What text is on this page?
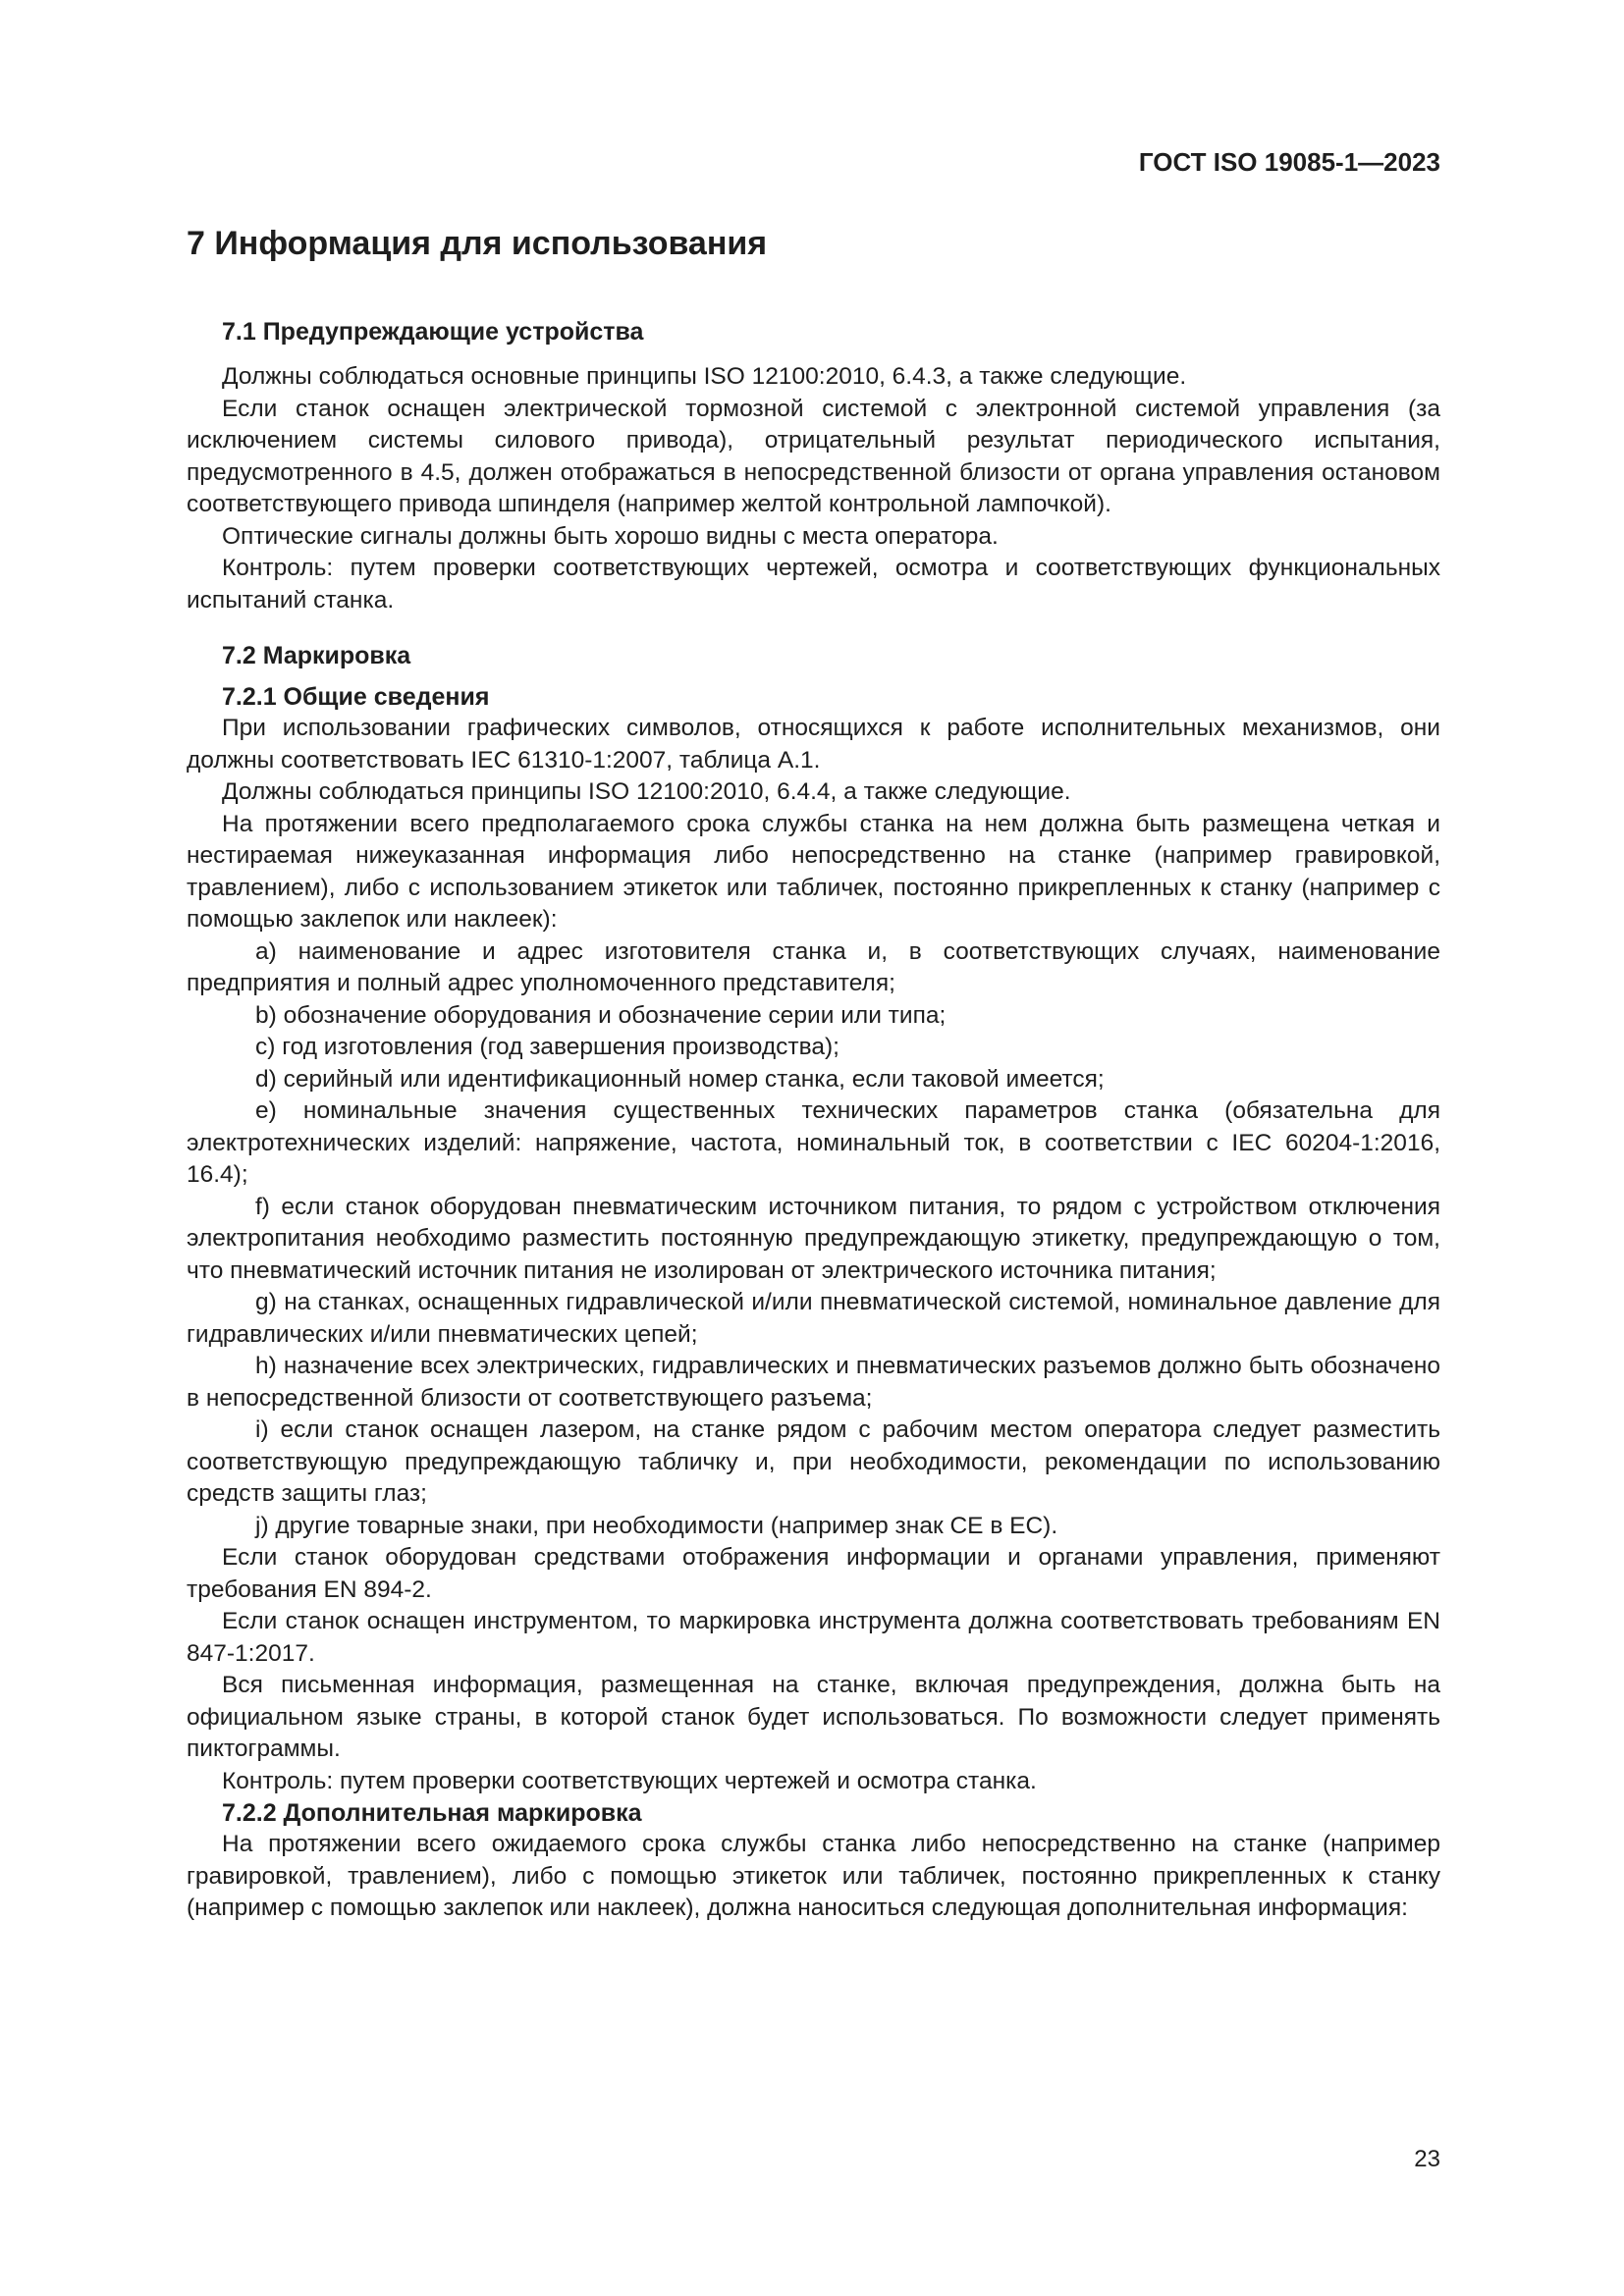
ГОСТ ISO 19085-1—2023
7 Информация для использования
7.1 Предупреждающие устройства

Должны соблюдаться основные принципы ISO 12100:2010, 6.4.3, а также следующие.

Если станок оснащен электрической тормозной системой с электронной системой управления (за исключением системы силового привода), отрицательный результат периодического испытания, предусмотренного в 4.5, должен отображаться в непосредственной близости от органа управления остановом соответствующего привода шпинделя (например желтой контрольной лампочкой).

Оптические сигналы должны быть хорошо видны с места оператора.

Контроль: путем проверки соответствующих чертежей, осмотра и соответствующих функциональных испытаний станка.

7.2 Маркировка
7.2.1 Общие сведения

При использовании графических символов, относящихся к работе исполнительных механизмов, они должны соответствовать IEC 61310-1:2007, таблица А.1.

Должны соблюдаться принципы ISO 12100:2010, 6.4.4, а также следующие.

На протяжении всего предполагаемого срока службы станка на нем должна быть размещена четкая и нестираемая нижеуказанная информация либо непосредственно на станке (например гравировкой, травлением), либо с использованием этикеток или табличек, постоянно прикрепленных к станку (например с помощью заклепок или наклеек):

a) наименование и адрес изготовителя станка и, в соответствующих случаях, наименование предприятия и полный адрес уполномоченного представителя;

b) обозначение оборудования и обозначение серии или типа;

c) год изготовления (год завершения производства);

d) серийный или идентификационный номер станка, если таковой имеется;

e) номинальные значения существенных технических параметров станка (обязательна для электротехнических изделий: напряжение, частота, номинальный ток, в соответствии с IEC 60204-1:2016, 16.4);

f) если станок оборудован пневматическим источником питания, то рядом с устройством отключения электропитания необходимо разместить постоянную предупреждающую этикетку, предупреждающую о том, что пневматический источник питания не изолирован от электрического источника питания;

g) на станках, оснащенных гидравлической и/или пневматической системой, номинальное давление для гидравлических и/или пневматических цепей;

h) назначение всех электрических, гидравлических и пневматических разъемов должно быть обозначено в непосредственной близости от соответствующего разъема;

i) если станок оснащен лазером, на станке рядом с рабочим местом оператора следует разместить соответствующую предупреждающую табличку и, при необходимости, рекомендации по использованию средств защиты глаз;

j) другие товарные знаки, при необходимости (например знак CE в ЕС).

Если станок оборудован средствами отображения информации и органами управления, применяют требования EN 894-2.

Если станок оснащен инструментом, то маркировка инструмента должна соответствовать требованиям EN 847-1:2017.

Вся письменная информация, размещенная на станке, включая предупреждения, должна быть на официальном языке страны, в которой станок будет использоваться. По возможности следует применять пиктограммы.

Контроль: путем проверки соответствующих чертежей и осмотра станка.

7.2.2 Дополнительная маркировка

На протяжении всего ожидаемого срока службы станка либо непосредственно на станке (например гравировкой, травлением), либо с помощью этикеток или табличек, постоянно прикрепленных к станку (например с помощью заклепок или наклеек), должна наноситься следующая дополнительная информация:

23
